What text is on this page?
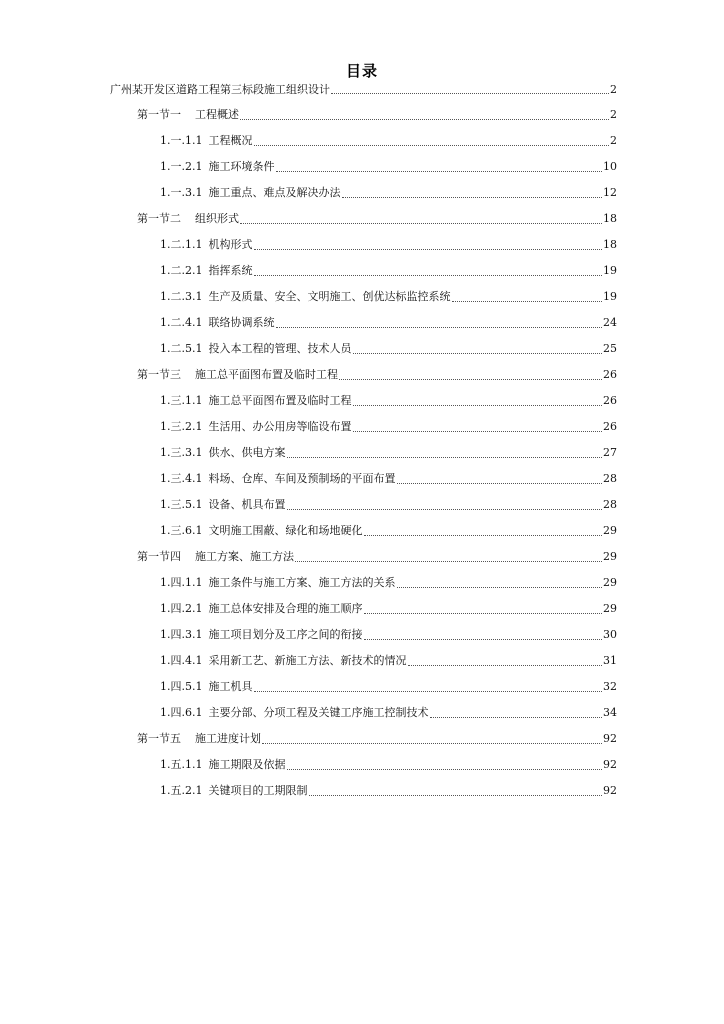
目录
广州某开发区道路工程第三标段施工组织设计	2
第一节一 工程概述	2
1.一.1.1 工程概况	2
1.一.2.1 施工环境条件	10
1.一.3.1 施工重点、难点及解决办法	12
第一节二 组织形式	18
1.二.1.1 机构形式	18
1.二.2.1 指挥系统	19
1.二.3.1 生产及质量、安全、文明施工、创优达标监控系统	19
1.二.4.1 联络协调系统	24
1.二.5.1 投入本工程的管理、技术人员	25
第一节三 施工总平面图布置及临时工程	26
1.三.1.1 施工总平面图布置及临时工程	26
1.三.2.1 生活用、办公用房等临设布置	26
1.三.3.1 供水、供电方案	27
1.三.4.1 料场、仓库、车间及预制场的平面布置	28
1.三.5.1 设备、机具布置	28
1.三.6.1 文明施工围蔽、绿化和场地硬化	29
第一节四 施工方案、施工方法	29
1.四.1.1 施工条件与施工方案、施工方法的关系	29
1.四.2.1 施工总体安排及合理的施工顺序	29
1.四.3.1 施工项目划分及工序之间的衔接	30
1.四.4.1 采用新工艺、新施工方法、新技术的情况	31
1.四.5.1 施工机具	32
1.四.6.1 主要分部、分项工程及关键工序施工控制技术	34
第一节五 施工进度计划	92
1.五.1.1 施工期限及依据	92
1.五.2.1 关键项目的工期限制	92
